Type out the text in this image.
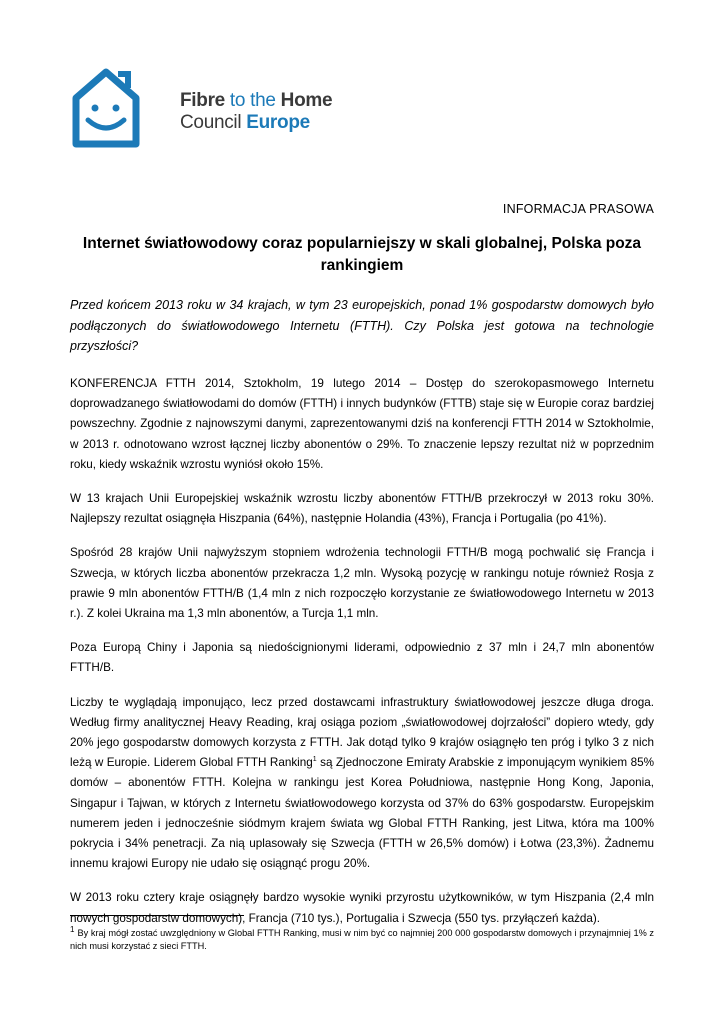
Fibre to the Home
Council Europe
INFORMACJA PRASOWA
Internet światłowodowy coraz popularniejszy w skali globalnej, Polska poza rankingiem
Przed końcem 2013 roku w 34 krajach, w tym 23 europejskich, ponad 1% gospodarstw domowych było podłączonych do światłowodowego Internetu (FTTH). Czy Polska jest gotowa na technologie przyszłości?

KONFERENCJA FTTH 2014, Sztokholm, 19 lutego 2014 – Dostęp do szerokopasmowego Internetu doprowadzanego światłowodami do domów (FTTH) i innych budynków (FTTB) staje się w Europie coraz bardziej powszechny. Zgodnie z najnowszymi danymi, zaprezentowanymi dziś na konferencji FTTH 2014 w Sztokholmie, w 2013 r. odnotowano wzrost łącznej liczby abonentów o 29%. To znaczenie lepszy rezultat niż w poprzednim roku, kiedy wskaźnik wzrostu wyniósł około 15%.

W 13 krajach Unii Europejskiej wskaźnik wzrostu liczby abonentów FTTH/B przekroczył w 2013 roku 30%. Najlepszy rezultat osiągnęła Hiszpania (64%), następnie Holandia (43%), Francja i Portugalia (po 41%).

Spośród 28 krajów Unii najwyższym stopniem wdrożenia technologii FTTH/B mogą pochwalić się Francja i Szwecja, w których liczba abonentów przekracza 1,2 mln. Wysoką pozycję w rankingu notuje również Rosja z prawie 9 mln abonentów FTTH/B (1,4 mln z nich rozpoczęło korzystanie ze światłowodowego Internetu w 2013 r.). Z kolei Ukraina ma 1,3 mln abonentów, a Turcja 1,1 mln.

Poza Europą Chiny i Japonia są niedoścignionymi liderami, odpowiednio z 37 mln i 24,7 mln abonentów FTTH/B.

Liczby te wyglądają imponująco, lecz przed dostawcami infrastruktury światłowodowej jeszcze długa droga. Według firmy analitycznej Heavy Reading, kraj osiąga poziom „światłowodowej dojrzałości” dopiero wtedy, gdy 20% jego gospodarstw domowych korzysta z FTTH. Jak dotąd tylko 9 krajów osiągnęło ten próg i tylko 3 z nich leżą w Europie. Liderem Global FTTH Ranking$^1$ są Zjednoczone Emiraty Arabskie z imponującym wynikiem 85% domów – abonentów FTTH. Kolejna w rankingu jest Korea Południowa, następnie Hong Kong, Japonia, Singapur i Tajwan, w których z Internetu światłowodowego korzysta od 37% do 63% gospodarstw. Europejskim numerem jeden i jednocześnie siódmym krajem świata wg Global FTTH Ranking, jest Litwa, która ma 100% pokrycia i 34% penetracji. Za nią uplasowały się Szwecja (FTTH w 26,5% domów) i Łotwa (23,3%). Żadnemu innemu krajowi Europy nie udało się osiągnąć progu 20%.

W 2013 roku cztery kraje osiągnęły bardzo wysokie wyniki przyrostu użytkowników, w tym Hiszpania (2,4 mln nowych gospodarstw domowych), Francja (710 tys.), Portugalia i Szwecja (550 tys. przyłączeń każda).

1 By kraj mógł zostać uwzględniony w Global FTTH Ranking, musi w nim być co najmniej 200 000 gospodarstw domowych i przynajmniej 1% z nich musi korzystać z sieci FTTH.
